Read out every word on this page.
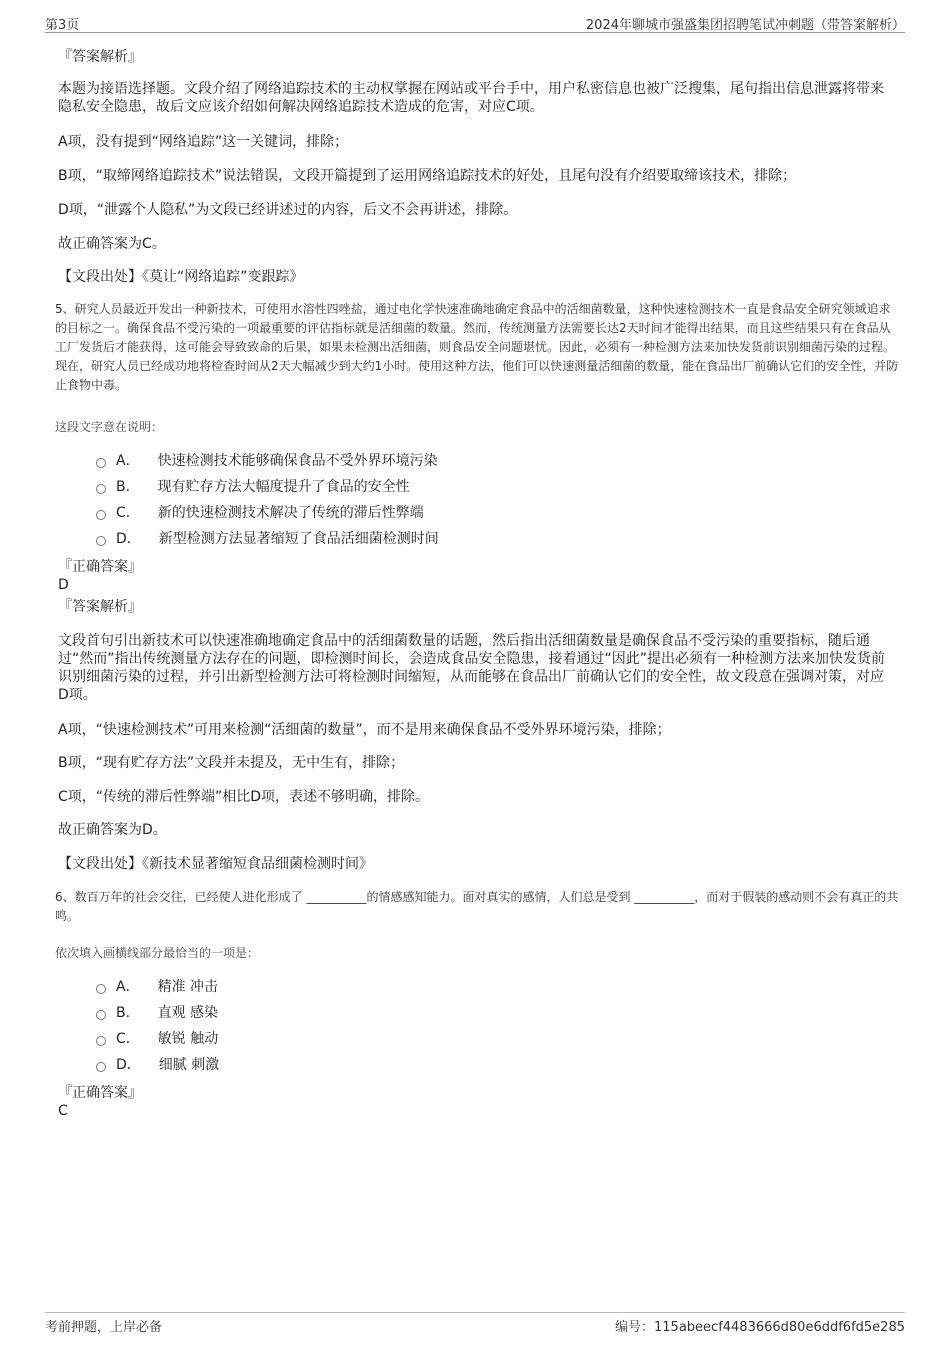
第3页	2024年聊城市强盛集团招聘笔试冲刺题（带答案解析）
『答案解析』
本题为接语选择题。文段介绍了网络追踪技术的主动权掌握在网站或平台手中，用户私密信息也被广泛搜集，尾句指出信息泄露将带来隐私安全隐患，故后文应该介绍如何解决网络追踪技术造成的危害，对应C项。
A项，没有提到“网络追踪”这一关键词，排除；
B项，“取缔网络追踪技术”说法错误，文段开篇提到了运用网络追踪技术的好处，且尾句没有介绍要取缔该技术，排除；
D项，“泄露个人隐私”为文段已经讲述过的内容，后文不会再讲述，排除。
故正确答案为C。
【文段出处】《莫让“网络追踪”变跟踪》
5、研究人员最近开发出一种新技术，可使用水溶性四唑盐，通过电化学快速准确地确定食品中的活细菌数量，这种快速检测技术一直是食品安全研究领域追求的目标之一。确保食品不受污染的一项最重要的评估指标就是活细菌的数量。然而，传统测量方法需要长达2天时间才能得出结果，而且这些结果只有在食品从工厂发货后才能获得，这可能会导致致命的后果，如果未检测出活细菌，则食品安全问题堪忧。因此，必须有一种检测方法来加快发货前识别细菌污染的过程。现在，研究人员已经成功地将检查时间从2天大幅减少到大约1小时。使用这种方法，他们可以快速测量活细菌的数量，能在食品出厂前确认它们的安全性，并防止食物中毒。
这段文字意在说明：
A． 快速检测技术能够确保食品不受外界环境污染
B． 现有贮存方法大幅度提升了食品的安全性
C． 新的快速检测技术解决了传统的滞后性弊端
D． 新型检测方法显著缩短了食品活细菌检测时间
『正确答案』
D
『答案解析』
文段首句引出新技术可以快速准确地确定食品中的活细菌数量的话题，然后指出活细菌数量是确保食品不受污染的重要指标，随后通过“然而”指出传统测量方法存在的问题，即检测时间长，会造成食品安全隐患，接着通过“因此”提出必须有一种检测方法来加快发货前识别细菌污染的过程，并引出新型检测方法可将检测时间缩短，从而能够在食品出厂前确认它们的安全性，故文段意在强调对策，对应D项。
A项，“快速检测技术”可用来检测“活细菌的数量”，而不是用来确保食品不受外界环境污染，排除；
B项，“现有贮存方法”文段并未提及，无中生有，排除；
C项，“传统的滞后性弊端”相比D项，表述不够明确，排除。
故正确答案为D。
【文段出处】《新技术显著缩短食品细菌检测时间》
6、数百万年的社会交往，已经使人进化形成了 __________的情感感知能力。面对真实的感情，人们总是受到 __________，而对于假装的感动则不会有真正的共鸣。
依次填入画横线部分最恰当的一项是：
A． 精准 冲击
B． 直观 感染
C． 敏锐 触动
D． 细腻 刺激
『正确答案』
C
考前押题，上岸必备	编号：115abeecf4483666d80e6ddf6fd5e285
